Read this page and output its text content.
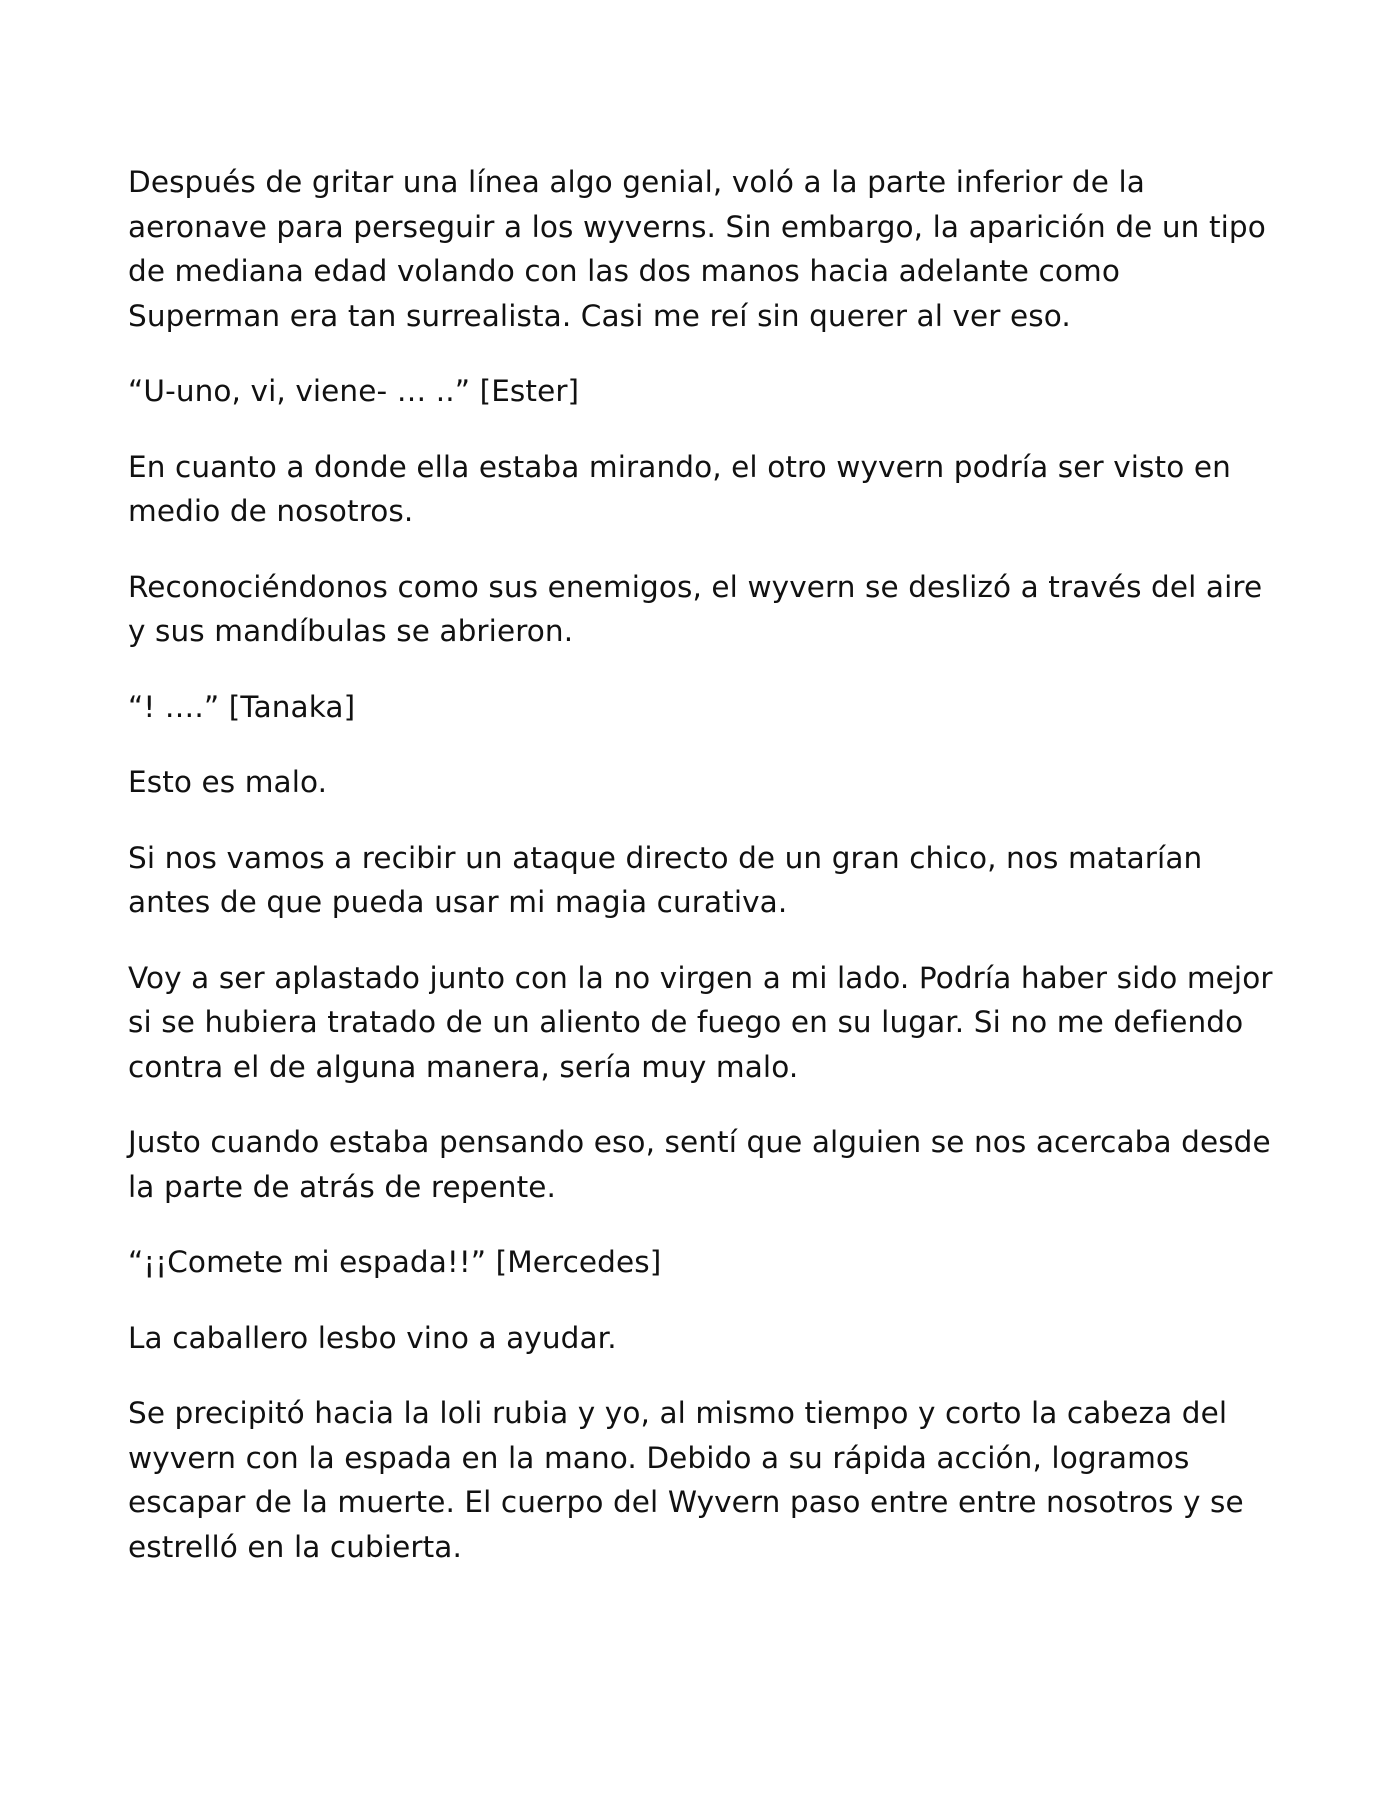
Después de gritar una línea algo genial, voló a la parte inferior de la aeronave para perseguir a los wyverns. Sin embargo, la aparición de un tipo de mediana edad volando con las dos manos hacia adelante como Superman era tan surrealista. Casi me reí sin querer al ver eso.

“U-uno, vi, viene- … ..” [Ester]

En cuanto a donde ella estaba mirando, el otro wyvern podría ser visto en medio de nosotros.

Reconociéndonos como sus enemigos, el wyvern se deslizó a través del aire y sus mandíbulas se abrieron.

“! ….” [Tanaka]

Esto es malo.

Si nos vamos a recibir un ataque directo de un gran chico, nos matarían antes de que pueda usar mi magia curativa.

Voy a ser aplastado junto con la no virgen a mi lado. Podría haber sido mejor si se hubiera tratado de un aliento de fuego en su lugar. Si no me defiendo contra el de alguna manera, sería muy malo.

Justo cuando estaba pensando eso, sentí que alguien se nos acercaba desde la parte de atrás de repente.

“¡¡Comete mi espada!!” [Mercedes]

La caballero lesbo vino a ayudar.

Se precipitó hacia la loli rubia y yo, al mismo tiempo y corto la cabeza del wyvern con la espada en la mano. Debido a su rápida acción, logramos escapar de la muerte. El cuerpo del Wyvern paso entre entre nosotros y se estrelló en la cubierta.
